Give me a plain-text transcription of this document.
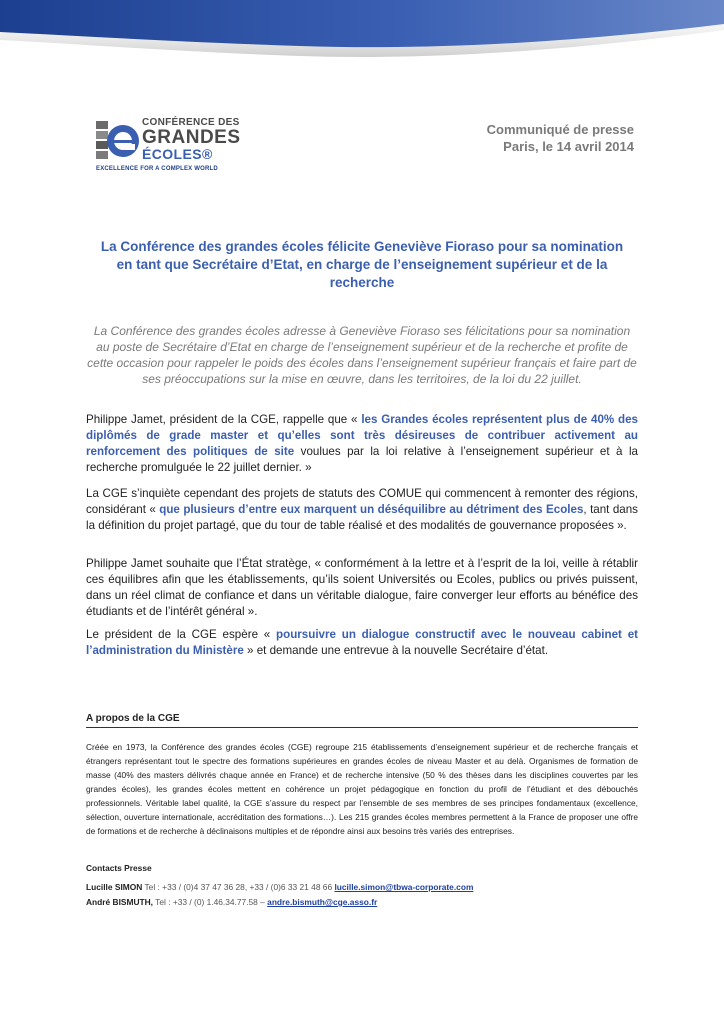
CONFÉRENCE DES
GRANDES
ÉCOLES®
EXCELLENCE FOR A COMPLEX WORLD
Communiqué de presse
Paris, le 14 avril 2014
La Conférence des grandes écoles félicite Geneviève Fioraso pour sa nomination en tant que Secrétaire d’Etat, en charge de l’enseignement supérieur et de la recherche
La Conférence des grandes écoles adresse à Geneviève Fioraso ses félicitations pour sa nomination au poste de Secrétaire d’Etat en charge de l’enseignement supérieur et de la recherche et profite de cette occasion pour rappeler le poids des écoles dans l’enseignement supérieur français et faire part de ses préoccupations sur la mise en œuvre, dans les territoires, de la loi du 22 juillet.
Philippe Jamet, président de la CGE, rappelle que « les Grandes écoles représentent plus de 40% des diplômés de grade master et qu’elles sont très désireuses de contribuer activement au renforcement des politiques de site voulues par la loi relative à l’enseignement supérieur et à la recherche promulguée le 22 juillet dernier. »
La CGE s’inquiète cependant des projets de statuts des COMUE qui commencent à remonter des régions, considérant « que plusieurs d’entre eux marquent un déséquilibre au détriment des Ecoles, tant dans la définition du projet partagé, que du tour de table réalisé et des modalités de gouvernance proposées ».
Philippe Jamet souhaite que l’État stratège, « conformément à la lettre et à l’esprit de la loi, veille à rétablir ces équilibres afin que les établissements, qu’ils soient Universités ou Ecoles, publics ou privés puissent, dans un réel climat de confiance et dans un véritable dialogue, faire converger leur efforts au bénéfice des étudiants et de l’intérêt général ».
Le président de la CGE espère « poursuivre un dialogue constructif avec le nouveau cabinet et l’administration du Ministère » et demande une entrevue à la nouvelle Secrétaire d’état.
A propos de la CGE
Créée en 1973, la Conférence des grandes écoles (CGE) regroupe 215 établissements d’enseignement supérieur et de recherche français et étrangers représentant tout le spectre des formations supérieures en grandes écoles de niveau Master et au delà. Organismes de formation de masse (40% des masters délivrés chaque année en France) et de recherche intensive (50 % des thèses dans les disciplines couvertes par les grandes écoles), les grandes écoles mettent en cohérence un projet pédagogique en fonction du profil de l’étudiant et des débouchés professionnels. Véritable label qualité, la CGE s’assure du respect par l’ensemble de ses membres de ses principes fondamentaux (excellence, sélection, ouverture internationale, accréditation des formations…). Les 215 grandes écoles membres permettent à la France de proposer une offre de formations et de recherche à déclinaisons multiples et de répondre ainsi aux besoins très variés des entreprises.
Contacts Presse
Lucille SIMON Tel : +33 / (0)4 37 47 36 28, +33 / (0)6 33 21 48 66 lucille.simon@tbwa-corporate.com
André BISMUTH, Tel : +33 / (0) 1.46.34.77.58 – andre.bismuth@cge.asso.fr
